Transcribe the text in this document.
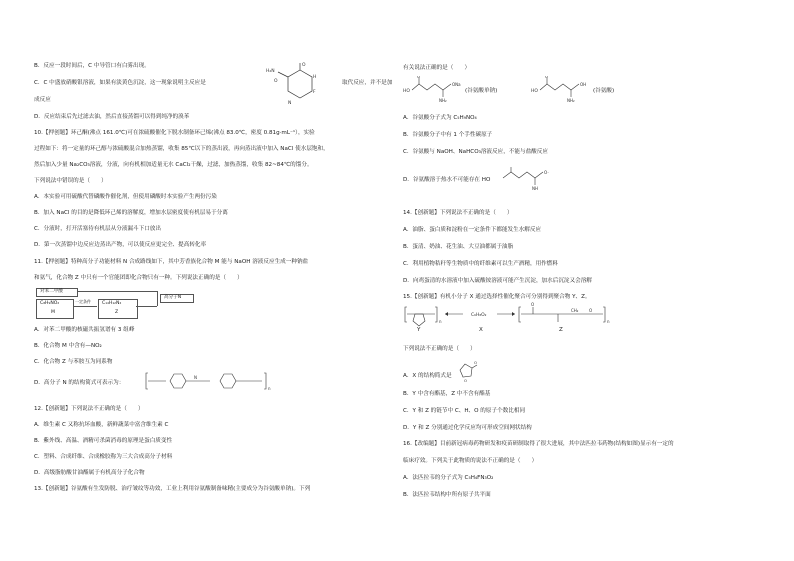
B．反应一段时间后，C 中导管口有白雾出现。
C．C 中盛放硝酸银溶液，如果有淡黄色沉淀，这一现象说明主反应是	取代反应，并不是加
成反应
D．反应结束后先过滤去油，然后直接蒸馏可以得到纯净的溴苯
O
H
F
H₂N
O
N
10.【押创题】环己酮(沸点 161.0℃)可在浓硫酸催化下脱水制备环己烯(沸点 83.0℃，密度 0.81g·mL⁻¹），实验
过程如下：将一定量的环己醇与浓硫酸混合加热蒸馏，收集 85℃以下的蒸出液，再向蒸出液中加入 NaCl 使水层饱和，
然后加入少量 Na₂CO₃溶液，分液，向有机相加适量无水 CaCl₂干燥，过滤，加热蒸馏，收集 82~84℃的馏分。
下列说法中错误的是（　　）
A．本实验可用硫酸代替磷酸作催化剂，但使用磷酸时本实验产生两份污染
B．加入 NaCl 的目的是降低环己烯的溶解度，增加水层密度使有机层易于分离
C．分液时，打开活塞待有机层从分液漏斗下口放出
D．第一次蒸馏中边反应边蒸出产物，可以使反应更完全、提高转化率
11.【押创题】特种高分子功能材料 N 合成路线如下，其中芳香族化合物 M 能与 NaOH 溶液反应生成一种钠盐
和氨气，化合物 Z 中只有一个官能团即化合物只有一种。下列说法正确的是（　　）
对苯二甲酸
C₈H₉NO₂
M
一定条件 C₁₄H₁₂N₂
Z
高分子N
A．对苯二甲酸的核磁共振氢谱有 3 组峰
B．化合物 M 中含有—NO₂
C．化合物 Z 与苯胺互为同系物
D．高分子 N 的结构简式可表示为：
N
n
12.【创新题】下列说法不正确的是（　　）
A．维生素 C 又称抗坏血酸，新鲜蔬菜中富含维生素 C
B．紫外线、高温、酒精可杀菌消毒的原理是蛋白质变性
C．塑料、合成纤维、合成橡胶称为三大合成高分子材料
D．高级脂肪酸甘油酯属于有机高分子化合物
13.【创新题】谷氨酸有生发防脱、治疗皱纹等功效，工业上利用谷氨酸制备味精(主要成分为谷氨酸单钠)。下列
有关说法正确的是（　　）
HO
O
NH₂
ONa
HO
O
NH₂
OH
(谷氨酸单钠)	(谷氨酸)
A．谷氨酸分子式为 C₅H₉NO₄
B．谷氨酸分子中有 1 个手性碳原子
C．谷氨酸与 NaOH、NaHCO₃溶液反应，不能与盐酸反应
D．谷氨酸溶于热水不可能存在 HO
NH
O⁻
14.【创新题】下列说法不正确的是（　　）
A．油脂、蛋白质和淀粉在一定条件下都能发生水解反应
B．蛋清、奶油、花生油、大豆油都属于油脂
C．利用植物秸秆等生物质中的纤维素可以生产酒精，用作燃料
D．向鸡蛋清的水溶液中加入硫酸铵溶液可能产生沉淀，加水后沉淀又会溶解
15.【创新题】有机小分子 X 通过选择性催化聚合可分别得到聚合物 Y、Z。
n
C₆H₈O₂
O
CH₂	O
n
Y	X	Z
下列说法不正确的是（　　）
A．X 的结构简式是
O
O
B．Y 中含有酯基，Z 中不含有酯基
C．Y 和 Z 的链节中 C、H、O 的原子个数比相同
D．Y 和 Z 分别通过化学反应均可形成空间网状结构
16.【改编题】目前新冠病毒药物研发和疫苗研制取得了很大进展，其中法匹拉韦药物(结构如图)显示有一定的
临床疗效。下列关于此物质的说法不正确的是（　　）
A．法匹拉韦的分子式为 C₅H₄FN₃O₂
B．法匹拉韦结构中所有原子共平面
